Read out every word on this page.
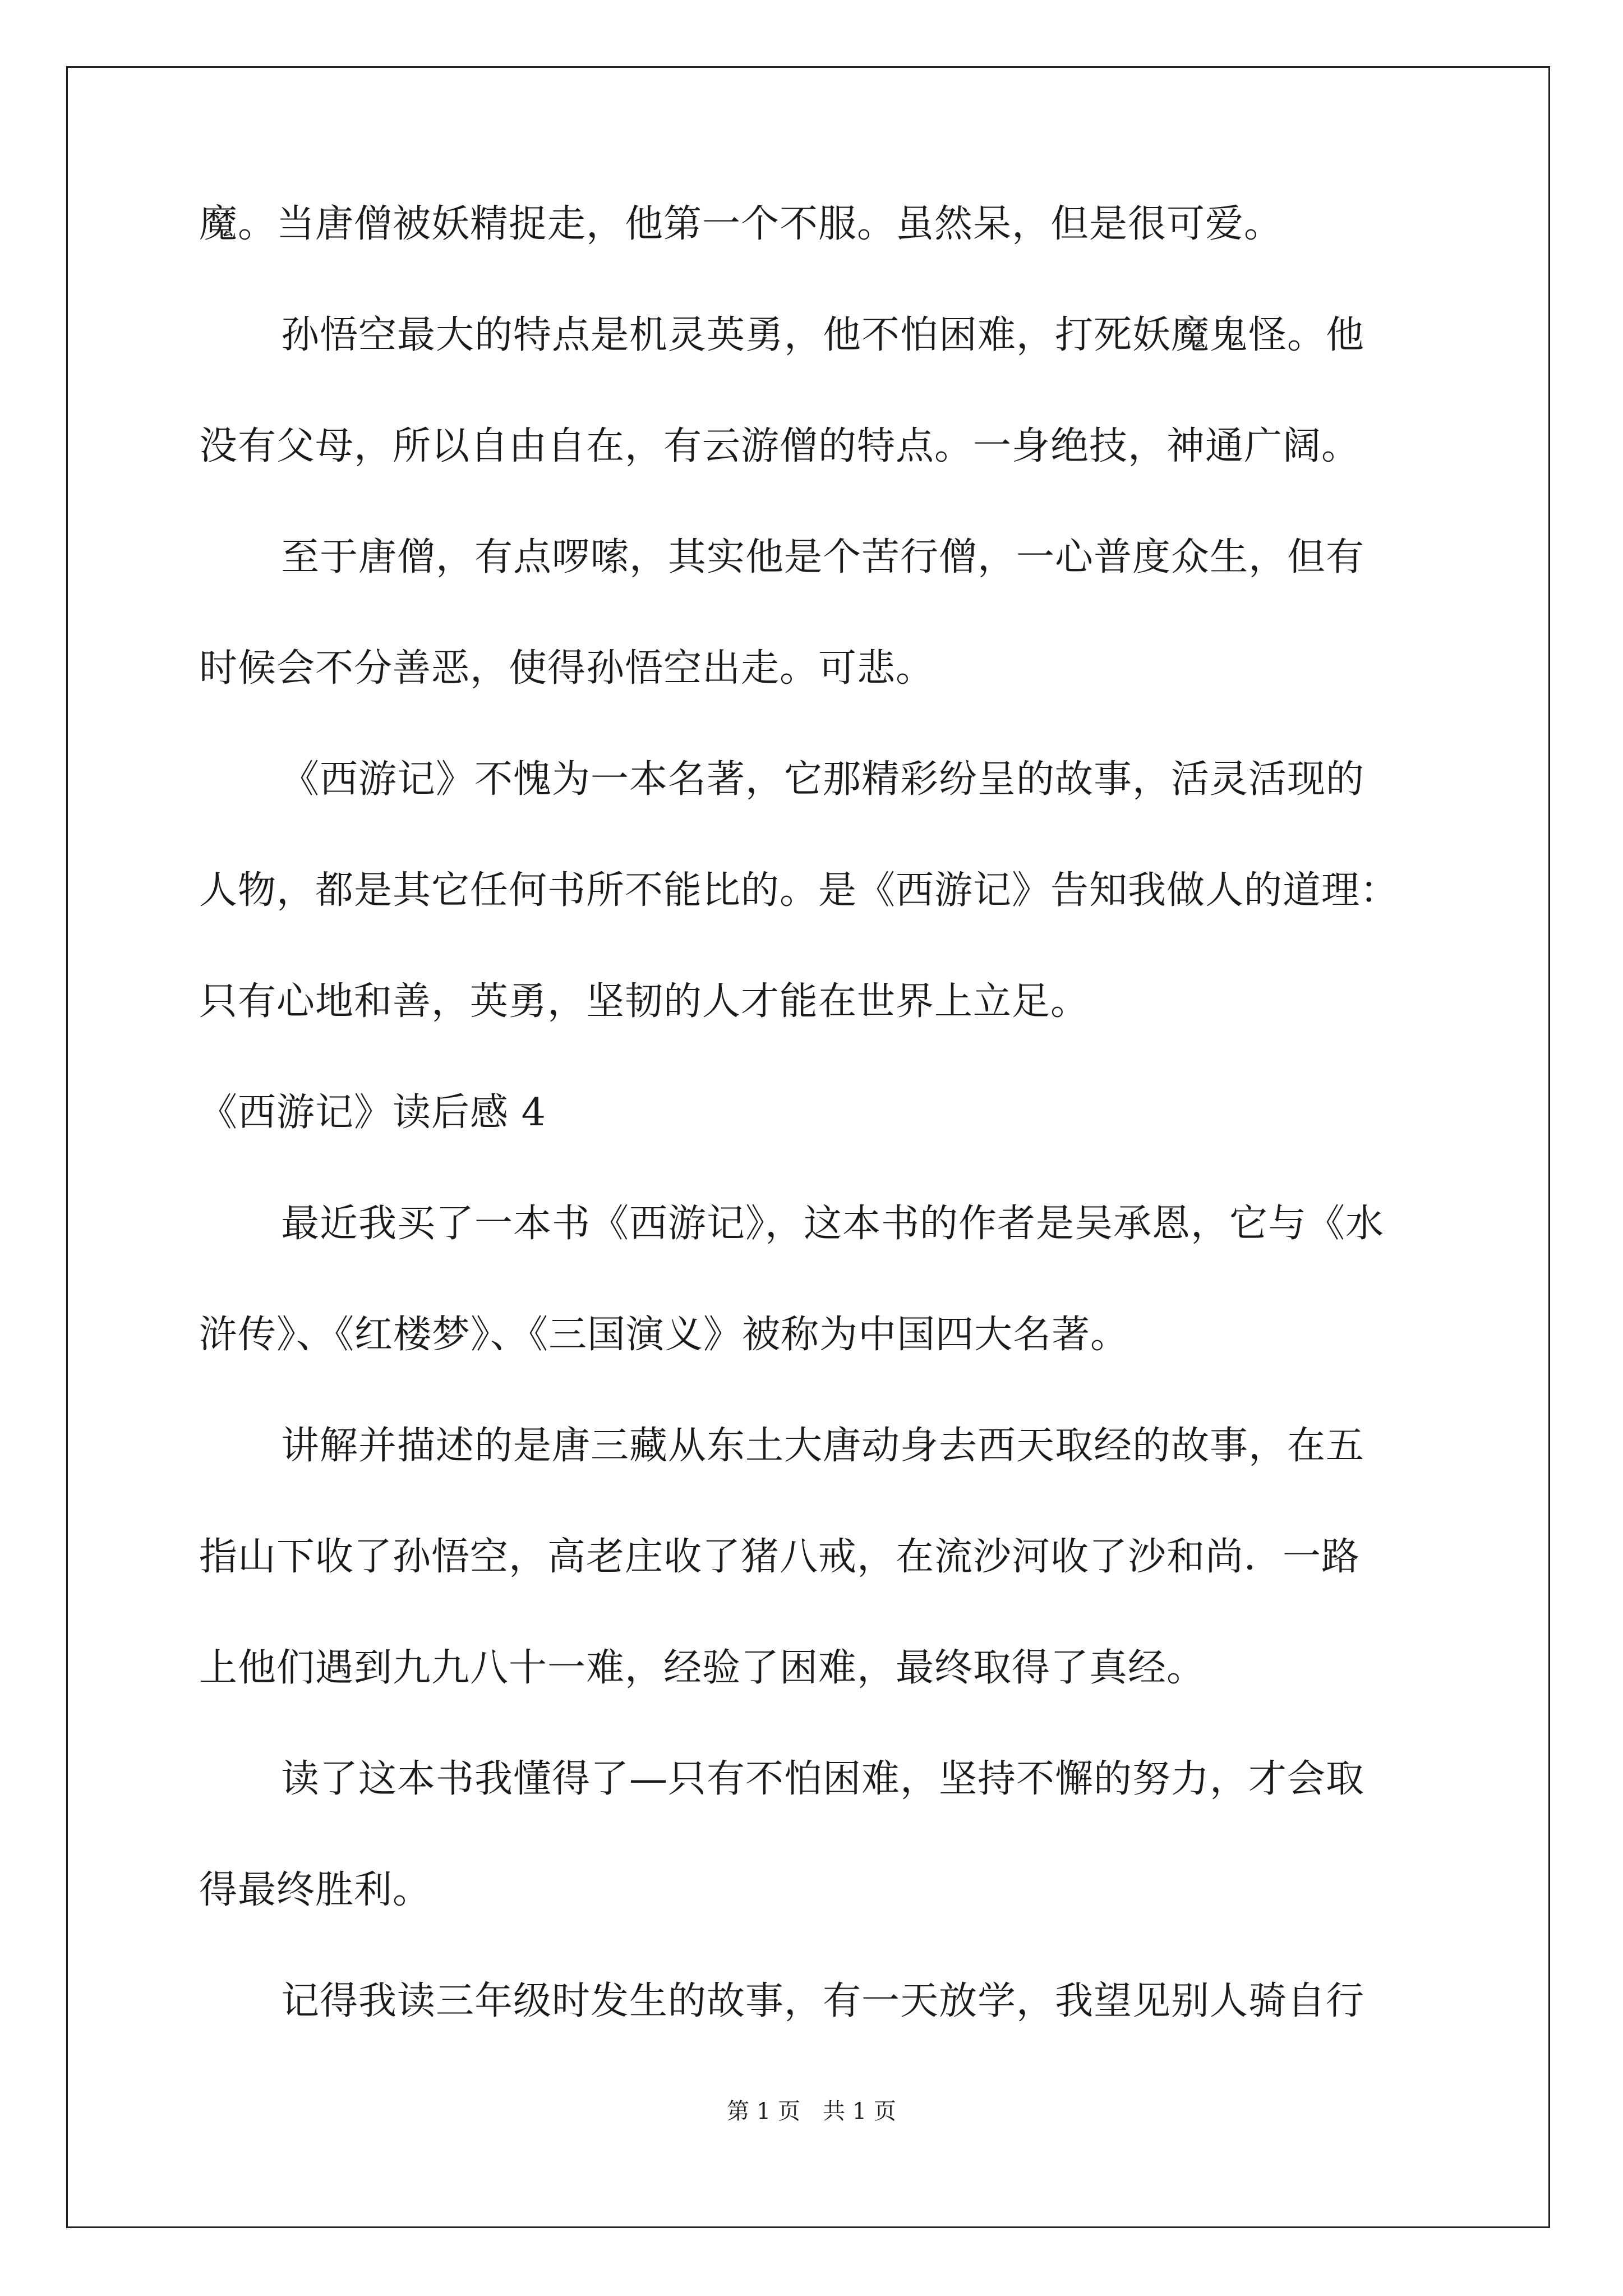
魔。当唐僧被妖精捉走，他第一个不服。虽然呆，但是很可爱。
孙悟空最大的特点是机灵英勇，他不怕困难，打死妖魔鬼怪。他
没有父母，所以自由自在，有云游僧的特点。一身绝技，神通广阔。
至于唐僧，有点啰嗦，其实他是个苦行僧，一心普度众生，但有
时候会不分善恶，使得孙悟空出走。可悲。
《西游记》不愧为一本名著，它那精彩纷呈的故事，活灵活现的
人物，都是其它任何书所不能比的。是《西游记》告知我做人的道理：
只有心地和善，英勇，坚韧的人才能在世界上立足。
《西游记》读后感 4
最近我买了一本书《西游记》，这本书的作者是吴承恩，它与《水
浒传》、《红楼梦》、《三国演义》被称为中国四大名著。
讲解并描述的是唐三藏从东土大唐动身去西天取经的故事，在五
指山下收了孙悟空，高老庄收了猪八戒，在流沙河收了沙和尚．一路
上他们遇到九九八十一难，经验了困难，最终取得了真经。
读了这本书我懂得了—只有不怕困难，坚持不懈的努力，才会取
得最终胜利。
记得我读三年级时发生的故事，有一天放学，我望见别人骑自行
第 1 页　共 1 页
